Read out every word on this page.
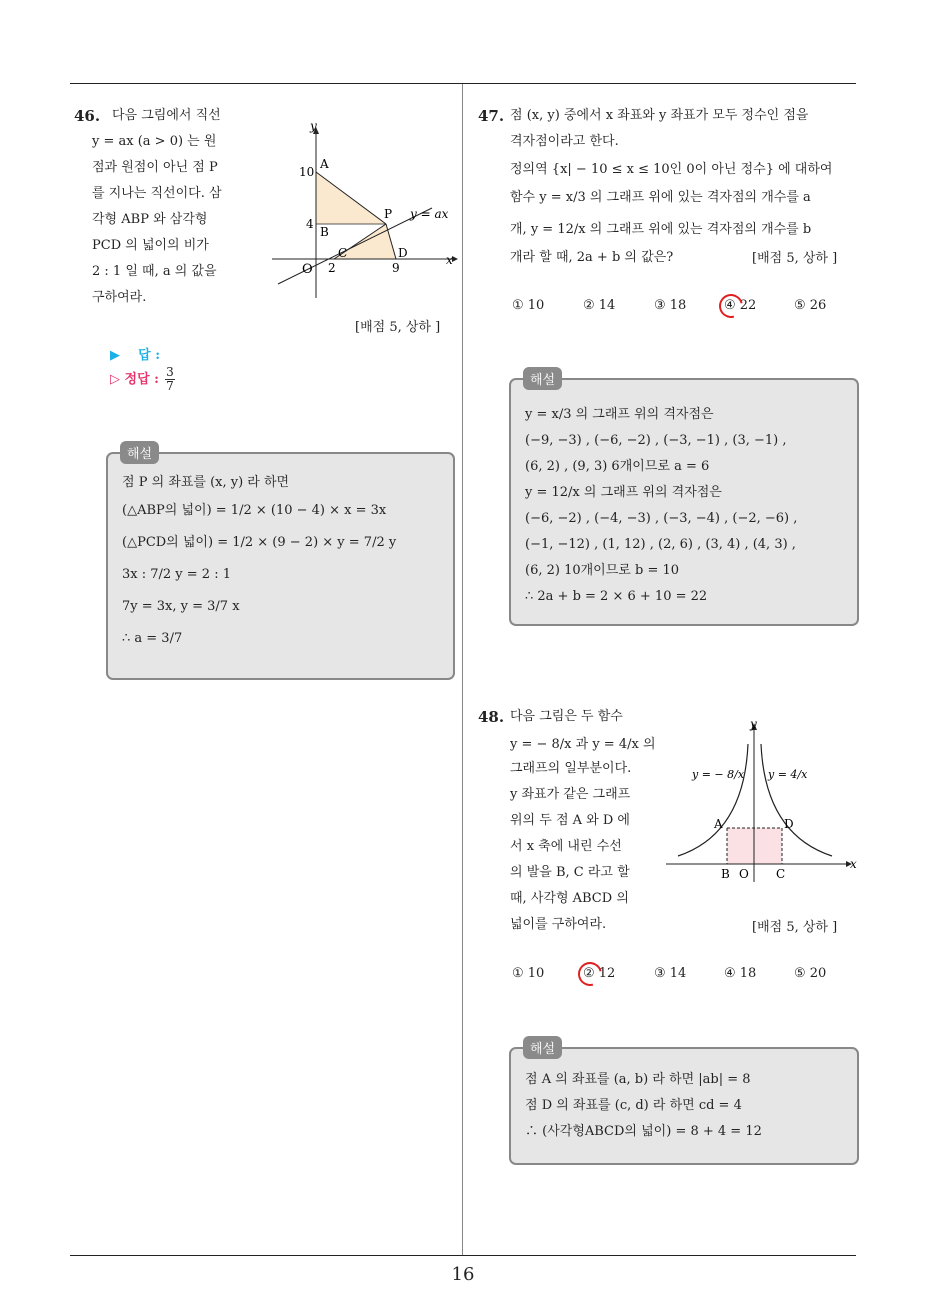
46. 다음 그림에서 직선
y = ax (a > 0) 는 원
점과 원점이 아닌 점 P
를 지나는 직선이다. 삼
각형 ABP 와 삼각형
PCD 의 넓이의 비가
2 : 1 일 때, a 의 값을
구하여라.
y
x
O
10
A
4
B
P
C	D
2	9
y = ax
[배점 5, 상하 ]
▶ 답 :
▷ 정답 : $\frac{3}{7}$
해설
점 P 의 좌표를 (x, y) 라 하면
(△ABP의 넓이) = 1/2 × (10 − 4) × x = 3x
(△PCD의 넓이) = 1/2 × (9 − 2) × y = 7/2 y
3x : 7/2 y = 2 : 1
7y = 3x, y = 3/7 x
∴ a = 3/7
47. 점 (x, y) 중에서 x 좌표와 y 좌표가 모두 정수인 점을
격자점이라고 한다.
정의역 {x| − 10 ≤ x ≤ 10인 0이 아닌 정수} 에 대하여
함수 y = x/3 의 그래프 위에 있는 격자점의 개수를 a
개, y = 12/x 의 그래프 위에 있는 격자점의 개수를 b
개라 할 때, 2a + b 의 값은?	[배점 5, 상하 ]
① 10	② 14	③ 18	④ 22	⑤ 26
해설
y = x/3 의 그래프 위의 격자점은
(−9, −3) , (−6, −2) , (−3, −1) , (3, −1) ,
(6, 2) , (9, 3) 6개이므로 a = 6
y = 12/x 의 그래프 위의 격자점은
(−6, −2) , (−4, −3) , (−3, −4) , (−2, −6) ,
(−1, −12) , (1, 12) , (2, 6) , (3, 4) , (4, 3) ,
(6, 2) 10개이므로 b = 10
∴ 2a + b = 2 × 6 + 10 = 22
48. 다음 그림은 두 함수
y = − 8/x 과 y = 4/x 의
그래프의 일부분이다.
y 좌표가 같은 그래프
위의 두 점 A 와 D 에
서 x 축에 내린 수선
의 발을 B, C 라고 할
때, 사각형 ABCD 의
넓이를 구하여라.
y
x
y = − 8/x y = 4/x
A	D
B O C
[배점 5, 상하 ]
① 10	② 12	③ 14	④ 18	⑤ 20
해설
점 A 의 좌표를 (a, b) 라 하면 |ab| = 8
점 D 의 좌표를 (c, d) 라 하면 cd = 4
∴ (사각형ABCD의 넓이) = 8 + 4 = 12
16
